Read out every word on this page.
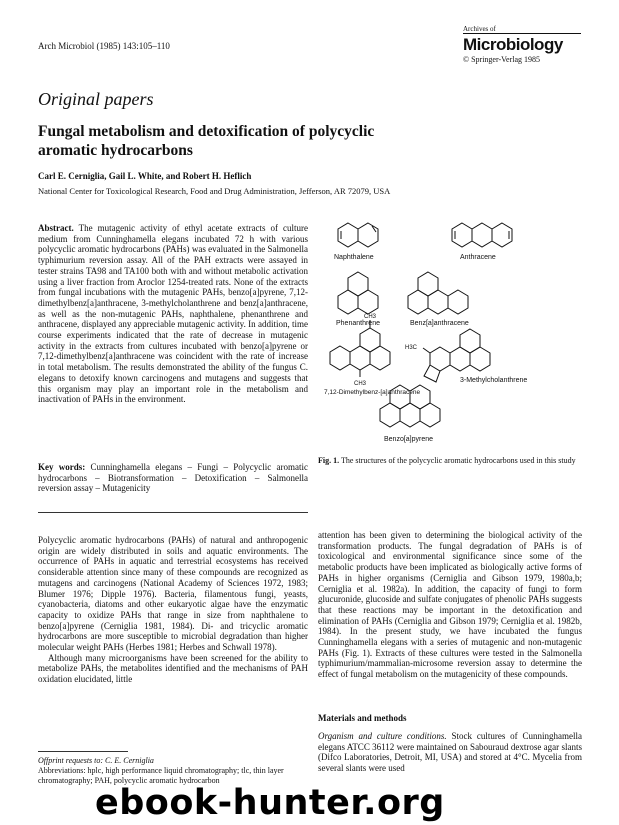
Arch Microbiol (1985) 143:105–110
Archives of
Microbiology
© Springer-Verlag 1985
Original papers
Fungal metabolism and detoxification of polycyclic aromatic hydrocarbons
Carl E. Cerniglia, Gail L. White, and Robert H. Heflich
National Center for Toxicological Research, Food and Drug Administration, Jefferson, AR 72079, USA
Abstract. The mutagenic activity of ethyl acetate extracts of culture medium from Cunninghamella elegans incubated 72 h with various polycyclic aromatic hydrocarbons (PAHs) was evaluated in the Salmonella typhimurium reversion assay. All of the PAH extracts were assayed in tester strains TA98 and TA100 both with and without metabolic activation using a liver fraction from Aroclor 1254-treated rats. None of the extracts from fungal incubations with the mutagenic PAHs, benzo[a]pyrene, 7,12-dimethylbenz[a]anthracene, 3-methylcholanthrene and benz[a]anthracene, as well as the non-mutagenic PAHs, naphthalene, phenanthrene and anthracene, displayed any appreciable mutagenic activity. In addition, time course experiments indicated that the rate of decrease in mutagenic activity in the extracts from cultures incubated with benzo[a]pyrene or 7,12-dimethylbenz[a]anthracene was coincident with the rate of increase in total metabolism. The results demonstrated the ability of the fungus C. elegans to detoxify known carcinogens and mutagens and suggests that this organism may play an important role in the metabolism and inactivation of PAHs in the environment.
Key words: Cunninghamella elegans – Fungi – Polycyclic aromatic hydrocarbons – Biotransformation – Detoxification – Salmonella reversion assay – Mutagenicity

Polycyclic aromatic hydrocarbons (PAHs) of natural and anthropogenic origin are widely distributed in soils and aquatic environments. The occurrence of PAHs in aquatic and terrestrial ecosystems has received considerable attention since many of these compounds are recognized as mutagens and carcinogens (National Academy of Sciences 1972, 1983; Blumer 1976; Dipple 1976). Bacteria, filamentous fungi, yeasts, cyanobacteria, diatoms and other eukaryotic algae have the enzymatic capacity to oxidize PAHs that range in size from naphthalene to benzo[a]pyrene (Cerniglia 1981, 1984). Di- and tricyclic aromatic hydrocarbons are more susceptible to microbial degradation than higher molecular weight PAHs (Herbes 1981; Herbes and Schwall 1978).

Although many microorganisms have been screened for the ability to metabolize PAHs, the metabolites identified and the mechanisms of PAH oxidation elucidated, little

Offprint requests to: C. E. Cerniglia
Abbreviations: hplc, high performance liquid chromatography; tlc, thin layer chromatography; PAH, polycyclic aromatic hydrocarbon
Naphthalene	Anthracene
Phenanthrene	Benz[a]anthracene
CH3
CH3
7,12-Dimethylbenz-[a]anthracene
H3C
3-Methylcholanthrene
Benzo[a]pyrene
Fig. 1. The structures of the polycyclic aromatic hydrocarbons used in this study
attention has been given to determining the biological activity of the transformation products. The fungal degradation of PAHs is of toxicological and environmental significance since some of the metabolic products have been implicated as biologically active forms of PAHs in higher organisms (Cerniglia and Gibson 1979, 1980a,b; Cerniglia et al. 1982a). In addition, the capacity of fungi to form glucuronide, glucoside and sulfate conjugates of phenolic PAHs suggests that these reactions may be important in the detoxification and elimination of PAHs (Cerniglia and Gibson 1979; Cerniglia et al. 1982b, 1984). In the present study, we have incubated the fungus Cunninghamella elegans with a series of mutagenic and non-mutagenic PAHs (Fig. 1). Extracts of these cultures were tested in the Salmonella typhimurium/mammalian-microsome reversion assay to determine the effect of fungal metabolism on the mutagenicity of these compounds.
Materials and methods
Organism and culture conditions. Stock cultures of Cunninghamella elegans ATCC 36112 were maintained on Sabouraud dextrose agar slants (Difco Laboratories, Detroit, MI, USA) and stored at 4°C. Mycelia from several slants were used
ebook-hunter.org
